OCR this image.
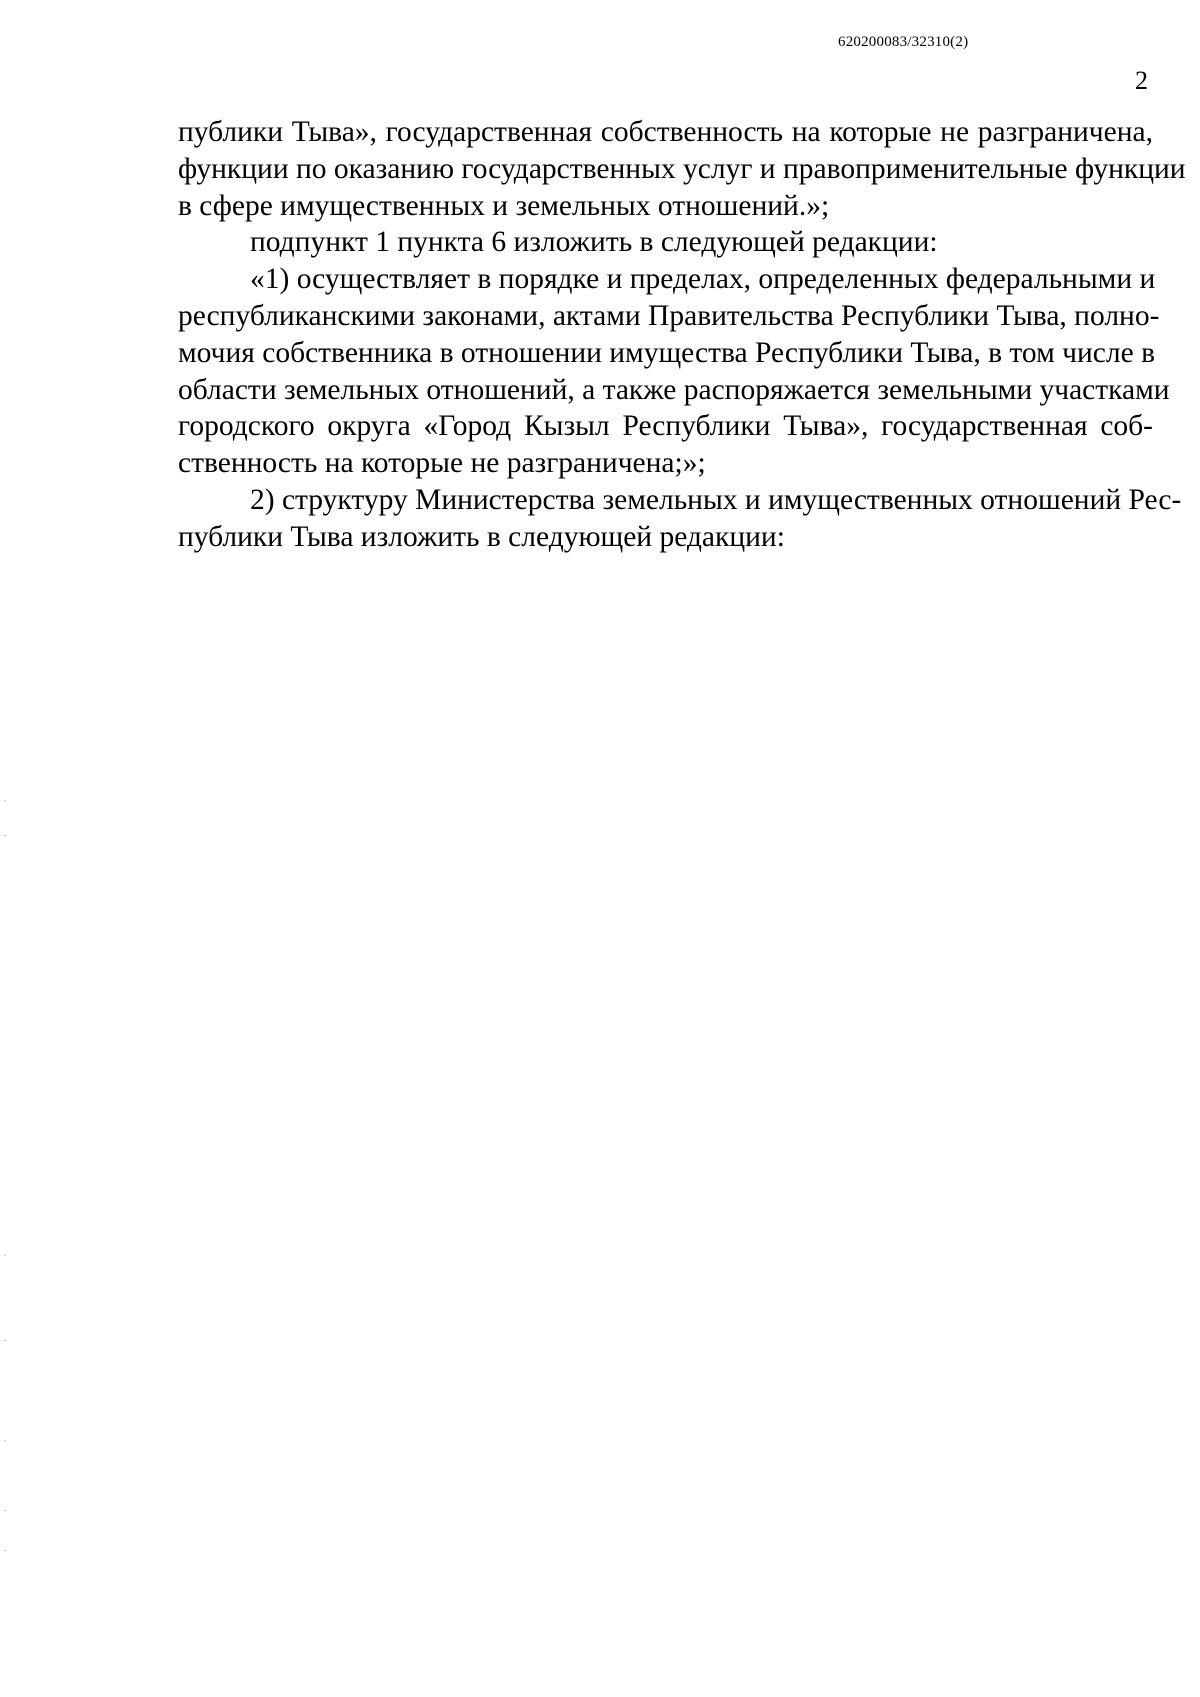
620200083/32310(2)
2
публики Тыва», государственная собственность на которые не разграничена,
функции по оказанию государственных услуг и правоприменительные функции
в сфере имущественных и земельных отношений.»;
подпункт 1 пункта 6 изложить в следующей редакции:
«1) осуществляет в порядке и пределах, определенных федеральными и
республиканскими законами, актами Правительства Республики Тыва, полно-
мочия собственника в отношении имущества Республики Тыва, в том числе в
области земельных отношений, а также распоряжается земельными участками
городского округа «Город Кызыл Республики Тыва», государственная соб-
ственность на которые не разграничена;»;
2) структуру Министерства земельных и имущественных отношений Рес-
публики Тыва изложить в следующей редакции:
